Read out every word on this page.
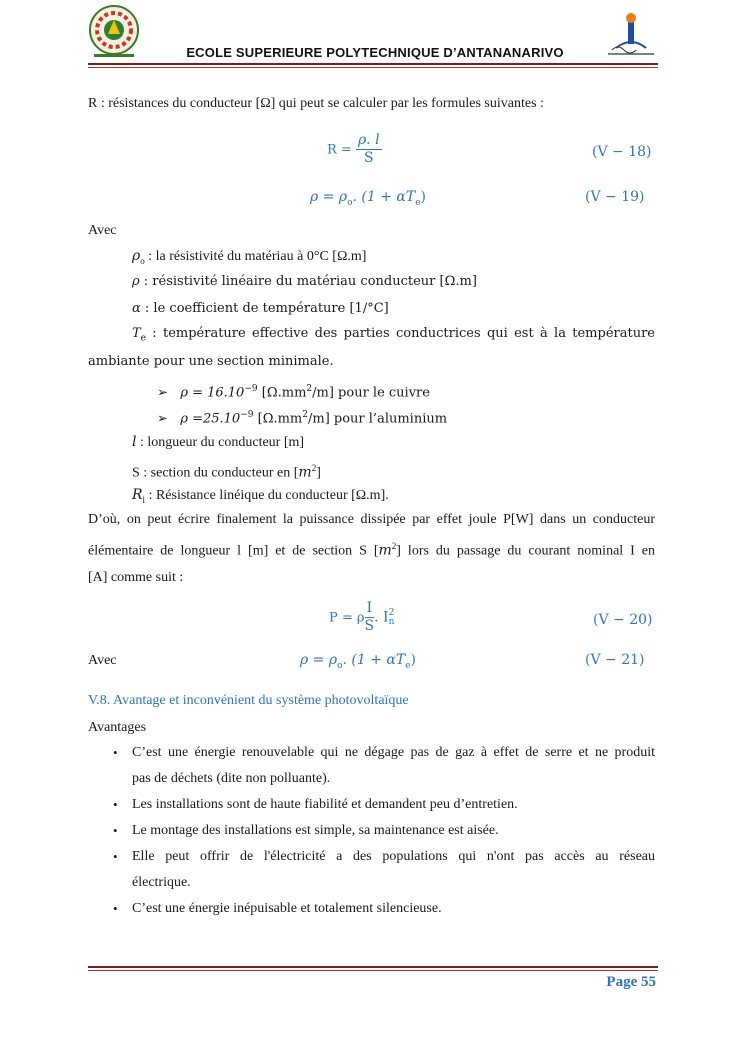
ECOLE SUPERIEURE POLYTECHNIQUE D’ANTANANARIVO
R : résistances du conducteur [Ω] qui peut se calculer par les formules suivantes :
$R = \frac{\rho. l}{S}$	(V − 18)
$\rho = \rho_o$. $(1 + \alpha T_e)$	(V − 19)
Avec
$\rho_o$ : la résistivité du matériau à 0°C [Ω.m]
ρ : résistivité linéaire du matériau conducteur [Ω.m]
α : le coefficient de température [1/°C]
$T_e$ : température effective des parties conductrices qui est à la température
ambiante pour une section minimale.
➢ $\rho = 16.10^{-9}$ $[\Omega.mm^2/m]$ pour le cuivre
➢ $\rho =25.10^{-9}$ $[\Omega.mm^2/m]$ pour l’aluminium
l : longueur du conducteur [m]
S : section du conducteur en $[m^2]$
$R_l$ : Résistance linéique du conducteur [Ω.m].
D’où, on peut écrire finalement la puissance dissipée par effet joule P[W] dans un conducteur
élémentaire de longueur l [m] et de section S $[m^2]$ lors du passage du courant nominal I en
[A] comme suit :
P = ρ $\frac{I}{S}$ . I 2
n	(V − 20)
Avec	$\rho = \rho_o$. $(1 + \alpha T_e)$	(V − 21)
V.8. Avantage et inconvénient du système photovoltaïque
Avantages
• C’est une énergie renouvelable qui ne dégage pas de gaz à effet de serre et ne produit
pas de déchets (dite non polluante).
• Les installations sont de haute fiabilité et demandent peu d’entretien.
• Le montage des installations est simple, sa maintenance est aisée.
• Elle peut offrir de l'électricité a des populations qui n'ont pas accès au réseau
électrique.
• C’est une énergie inépuisable et totalement silencieuse.
Page 55
